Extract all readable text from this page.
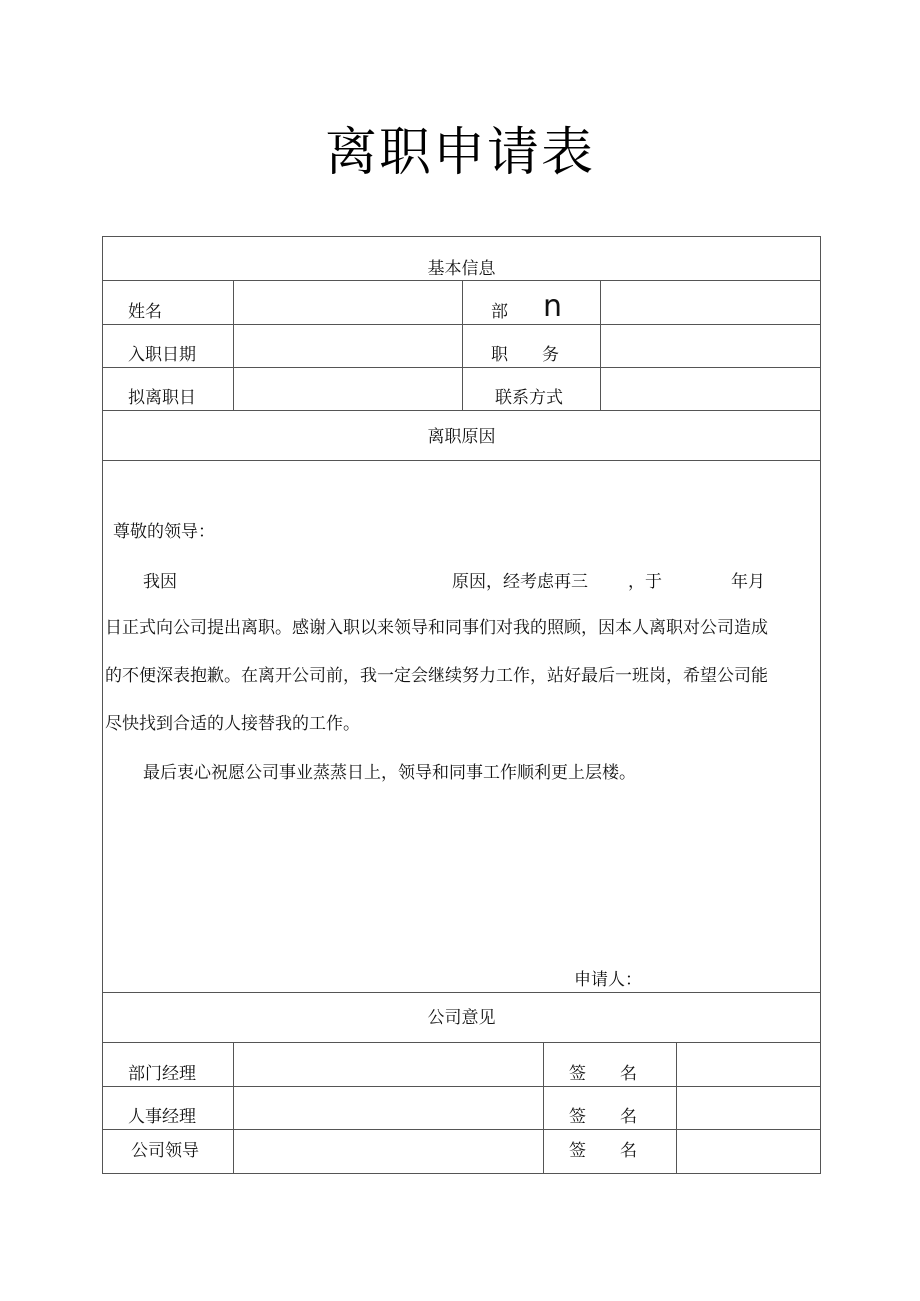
离职申请表
基本信息
姓名	部 n
入职日期	职　　务
拟离职日	联系方式
离职原因
尊敬的领导：
我因	原因，经考虑再三 ，于	年月
日正式向公司提出离职。感谢入职以来领导和同事们对我的照顾，因本人离职对公司造成
的不便深表抱歉。在离开公司前，我一定会继续努力工作，站好最后一班岗，希望公司能
尽快找到合适的人接替我的工作。
最后衷心祝愿公司事业蒸蒸日上，领导和同事工作顺利更上层楼。
申请人：
公司意见
部门经理	签　　名
人事经理	签　　名
公司领导	签　　名
